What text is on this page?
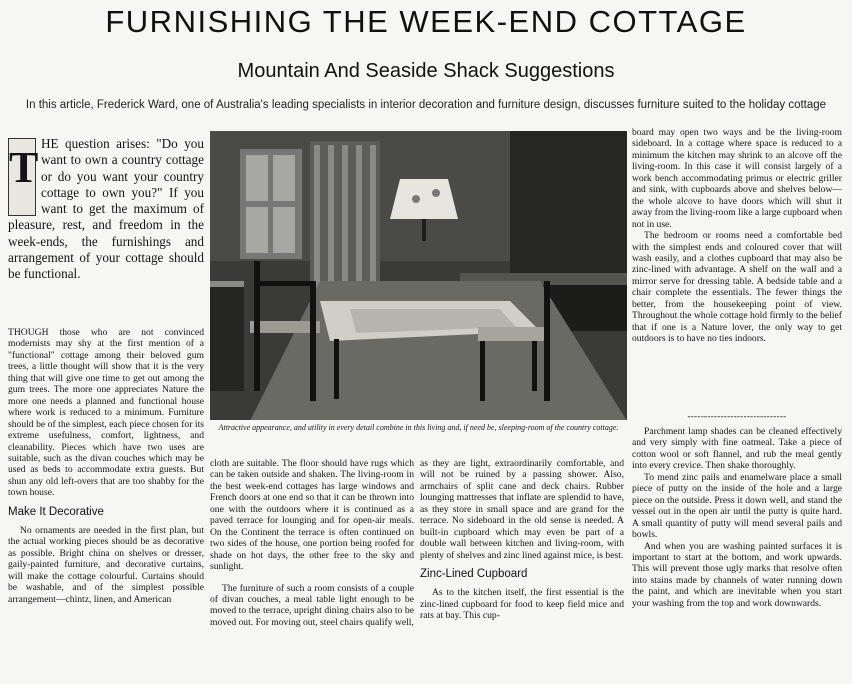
FURNISHING THE WEEK-END COTTAGE
Mountain And Seaside Shack Suggestions
In this article, Frederick Ward, one of Australia's leading specialists in interior decoration and furniture design, discusses furniture suited to the holiday cottage
T HE question arises: "Do you want to own a country cottage or do you want your country cottage to own you?" If you want to get the maximum of pleasure, rest, and freedom in the week-ends, the furnishings and arrangement of your cottage should be functional.

THOUGH those who are not convinced modernists may shy at the first mention of a "functional" cottage among their beloved gum trees, a little thought will show that it is the very thing that will give one time to get out among the gum trees. The more one appreciates Nature the more one needs a planned and functional house where work is reduced to a minimum. Furniture should be of the simplest, each piece chosen for its extreme usefulness, comfort, lightness, and cleanability. Pieces which have two uses are suitable, such as the divan couches which may be used as beds to accommodate extra guests. But shun any old left-overs that are too shabby for the town house.

Make It Decorative

No ornaments are needed in the first plan, but the actual working pieces should be as decorative as possible. Bright china on shelves or dresser, gaily-painted furniture, and decorative curtains, will make the cottage colourful. Curtains should be washable, and of the simplest possible arrangement—chintz, linen, and American

Attractive appearance, and utility in every detail combine in this living and, if need be, sleeping-room of the country cottage.

cloth are suitable. The floor should have rugs which can be taken outside and shaken. The living-room in the best week-end cottages has large windows and French doors at one end so that it can be thrown into one with the outdoors where it is continued as a paved terrace for lounging and for open-air meals. On the Continent the terrace is often continued on two sides of the house, one portion being roofed for shade on hot days, the other free to the sky and sunlight.

The furniture of such a room consists of a couple of divan couches, a meal table light enough to be moved to the terrace, upright dining chairs also to be moved out. For moving out, steel chairs qualify well,

as they are light, extraordinarily comfortable, and will not be ruined by a passing shower. Also, armchairs of split cane and deck chairs. Rubber lounging mattresses that inflate are splendid to have, as they store in small space and are grand for the terrace. No sideboard in the old sense is needed. A built-in cupboard which may even be part of a double wall between kitchen and living-room, with plenty of shelves and zinc lined against mice, is best.

Zinc-Lined Cupboard

As to the kitchen itself, the first essential is the zinc-lined cupboard for food to keep field mice and rats at bay. This cup-

board may open two ways and be the living-room sideboard. In a cottage where space is reduced to a minimum the kitchen may shrink to an alcove off the living-room. In this case it will consist largely of a work bench accommodating primus or electric griller and sink, with cupboards above and shelves below—the whole alcove to have doors which will shut it away from the living-room like a large cupboard when not in use.

The bedroom or rooms need a comfortable bed with the simplest ends and coloured cover that will wash easily, and a clothes cupboard that may also be zinc-lined with advantage. A shelf on the wall and a mirror serve for dressing table. A bedside table and a chair complete the essentials. The fewer things the better, from the housekeeping point of view. Throughout the whole cottage hold firmly to the belief that if one is a Nature lover, the only way to get outdoors is to have no ties indoors.

------------------------------

Parchment lamp shades can be cleaned effectively and very simply with fine oatmeal. Take a piece of cotton wool or soft flannel, and rub the meal gently into every crevice. Then shake thoroughly.

To mend zinc pails and enamelware place a small piece of putty on the inside of the hole and a large piece on the outside. Press it down well, and stand the vessel out in the open air until the putty is quite hard. A small quantity of putty will mend several pails and bowls.

And when you are washing painted surfaces it is important to start at the bottom, and work upwards. This will prevent those ugly marks that resolve often into stains made by channels of water running down the paint, and which are inevitable when you start your washing from the top and work downwards.
